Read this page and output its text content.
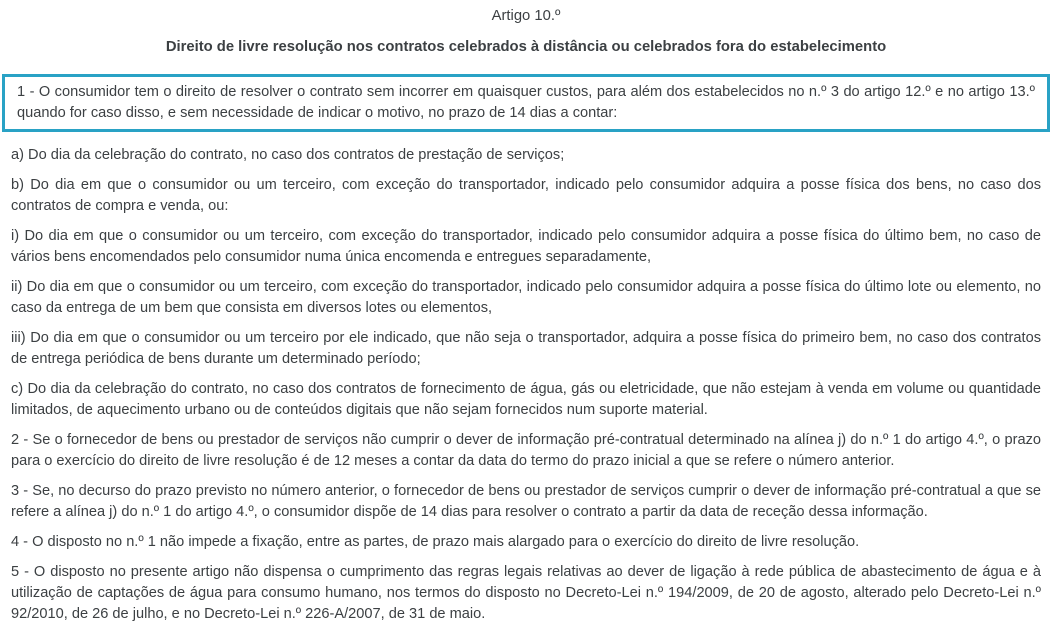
Artigo 10.º
Direito de livre resolução nos contratos celebrados à distância ou celebrados fora do estabelecimento

1 - O consumidor tem o direito de resolver o contrato sem incorrer em quaisquer custos, para além dos estabelecidos no n.º 3 do artigo 12.º e no artigo 13.º quando for caso disso, e sem necessidade de indicar o motivo, no prazo de 14 dias a contar:

a) Do dia da celebração do contrato, no caso dos contratos de prestação de serviços;

b) Do dia em que o consumidor ou um terceiro, com exceção do transportador, indicado pelo consumidor adquira a posse física dos bens, no caso dos contratos de compra e venda, ou:

i) Do dia em que o consumidor ou um terceiro, com exceção do transportador, indicado pelo consumidor adquira a posse física do último bem, no caso de vários bens encomendados pelo consumidor numa única encomenda e entregues separadamente,

ii) Do dia em que o consumidor ou um terceiro, com exceção do transportador, indicado pelo consumidor adquira a posse física do último lote ou elemento, no caso da entrega de um bem que consista em diversos lotes ou elementos,

iii) Do dia em que o consumidor ou um terceiro por ele indicado, que não seja o transportador, adquira a posse física do primeiro bem, no caso dos contratos de entrega periódica de bens durante um determinado período;

c) Do dia da celebração do contrato, no caso dos contratos de fornecimento de água, gás ou eletricidade, que não estejam à venda em volume ou quantidade limitados, de aquecimento urbano ou de conteúdos digitais que não sejam fornecidos num suporte material.

2 - Se o fornecedor de bens ou prestador de serviços não cumprir o dever de informação pré-contratual determinado na alínea j) do n.º 1 do artigo 4.º, o prazo para o exercício do direito de livre resolução é de 12 meses a contar da data do termo do prazo inicial a que se refere o número anterior.

3 - Se, no decurso do prazo previsto no número anterior, o fornecedor de bens ou prestador de serviços cumprir o dever de informação pré-contratual a que se refere a alínea j) do n.º 1 do artigo 4.º, o consumidor dispõe de 14 dias para resolver o contrato a partir da data de receção dessa informação.

4 - O disposto no n.º 1 não impede a fixação, entre as partes, de prazo mais alargado para o exercício do direito de livre resolução.

5 - O disposto no presente artigo não dispensa o cumprimento das regras legais relativas ao dever de ligação à rede pública de abastecimento de água e à utilização de captações de água para consumo humano, nos termos do disposto no Decreto-Lei n.º 194/2009, de 20 de agosto, alterado pelo Decreto-Lei n.º 92/2010, de 26 de julho, e no Decreto-Lei n.º 226-A/2007, de 31 de maio.
